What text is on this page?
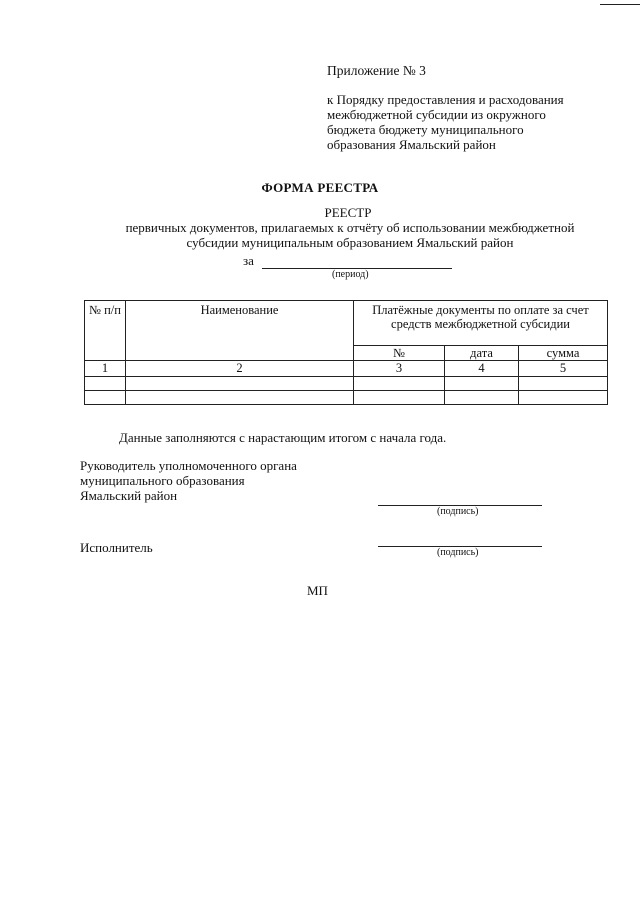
Приложение № 3
к Порядку предоставления и расходования
межбюджетной субсидии из окружного
бюджета бюджету муниципального
образования Ямальский район
ФОРМА РЕЕСТРА
РЕЕСТР
первичных документов, прилагаемых к отчёту об использовании межбюджетной субсидии муниципальным образованием Ямальский район
за
(период)
№ п/п	Наименование	Платёжные документы по оплате за счет средств межбюджетной субсидии		
		№	дата	сумма
1	2	3	4	5

Данные заполняются с нарастающим итогом с начала года.
Руководитель уполномоченного органа
муниципального образования
Ямальский район
(подпись)
Исполнитель	(подпись)
МП
